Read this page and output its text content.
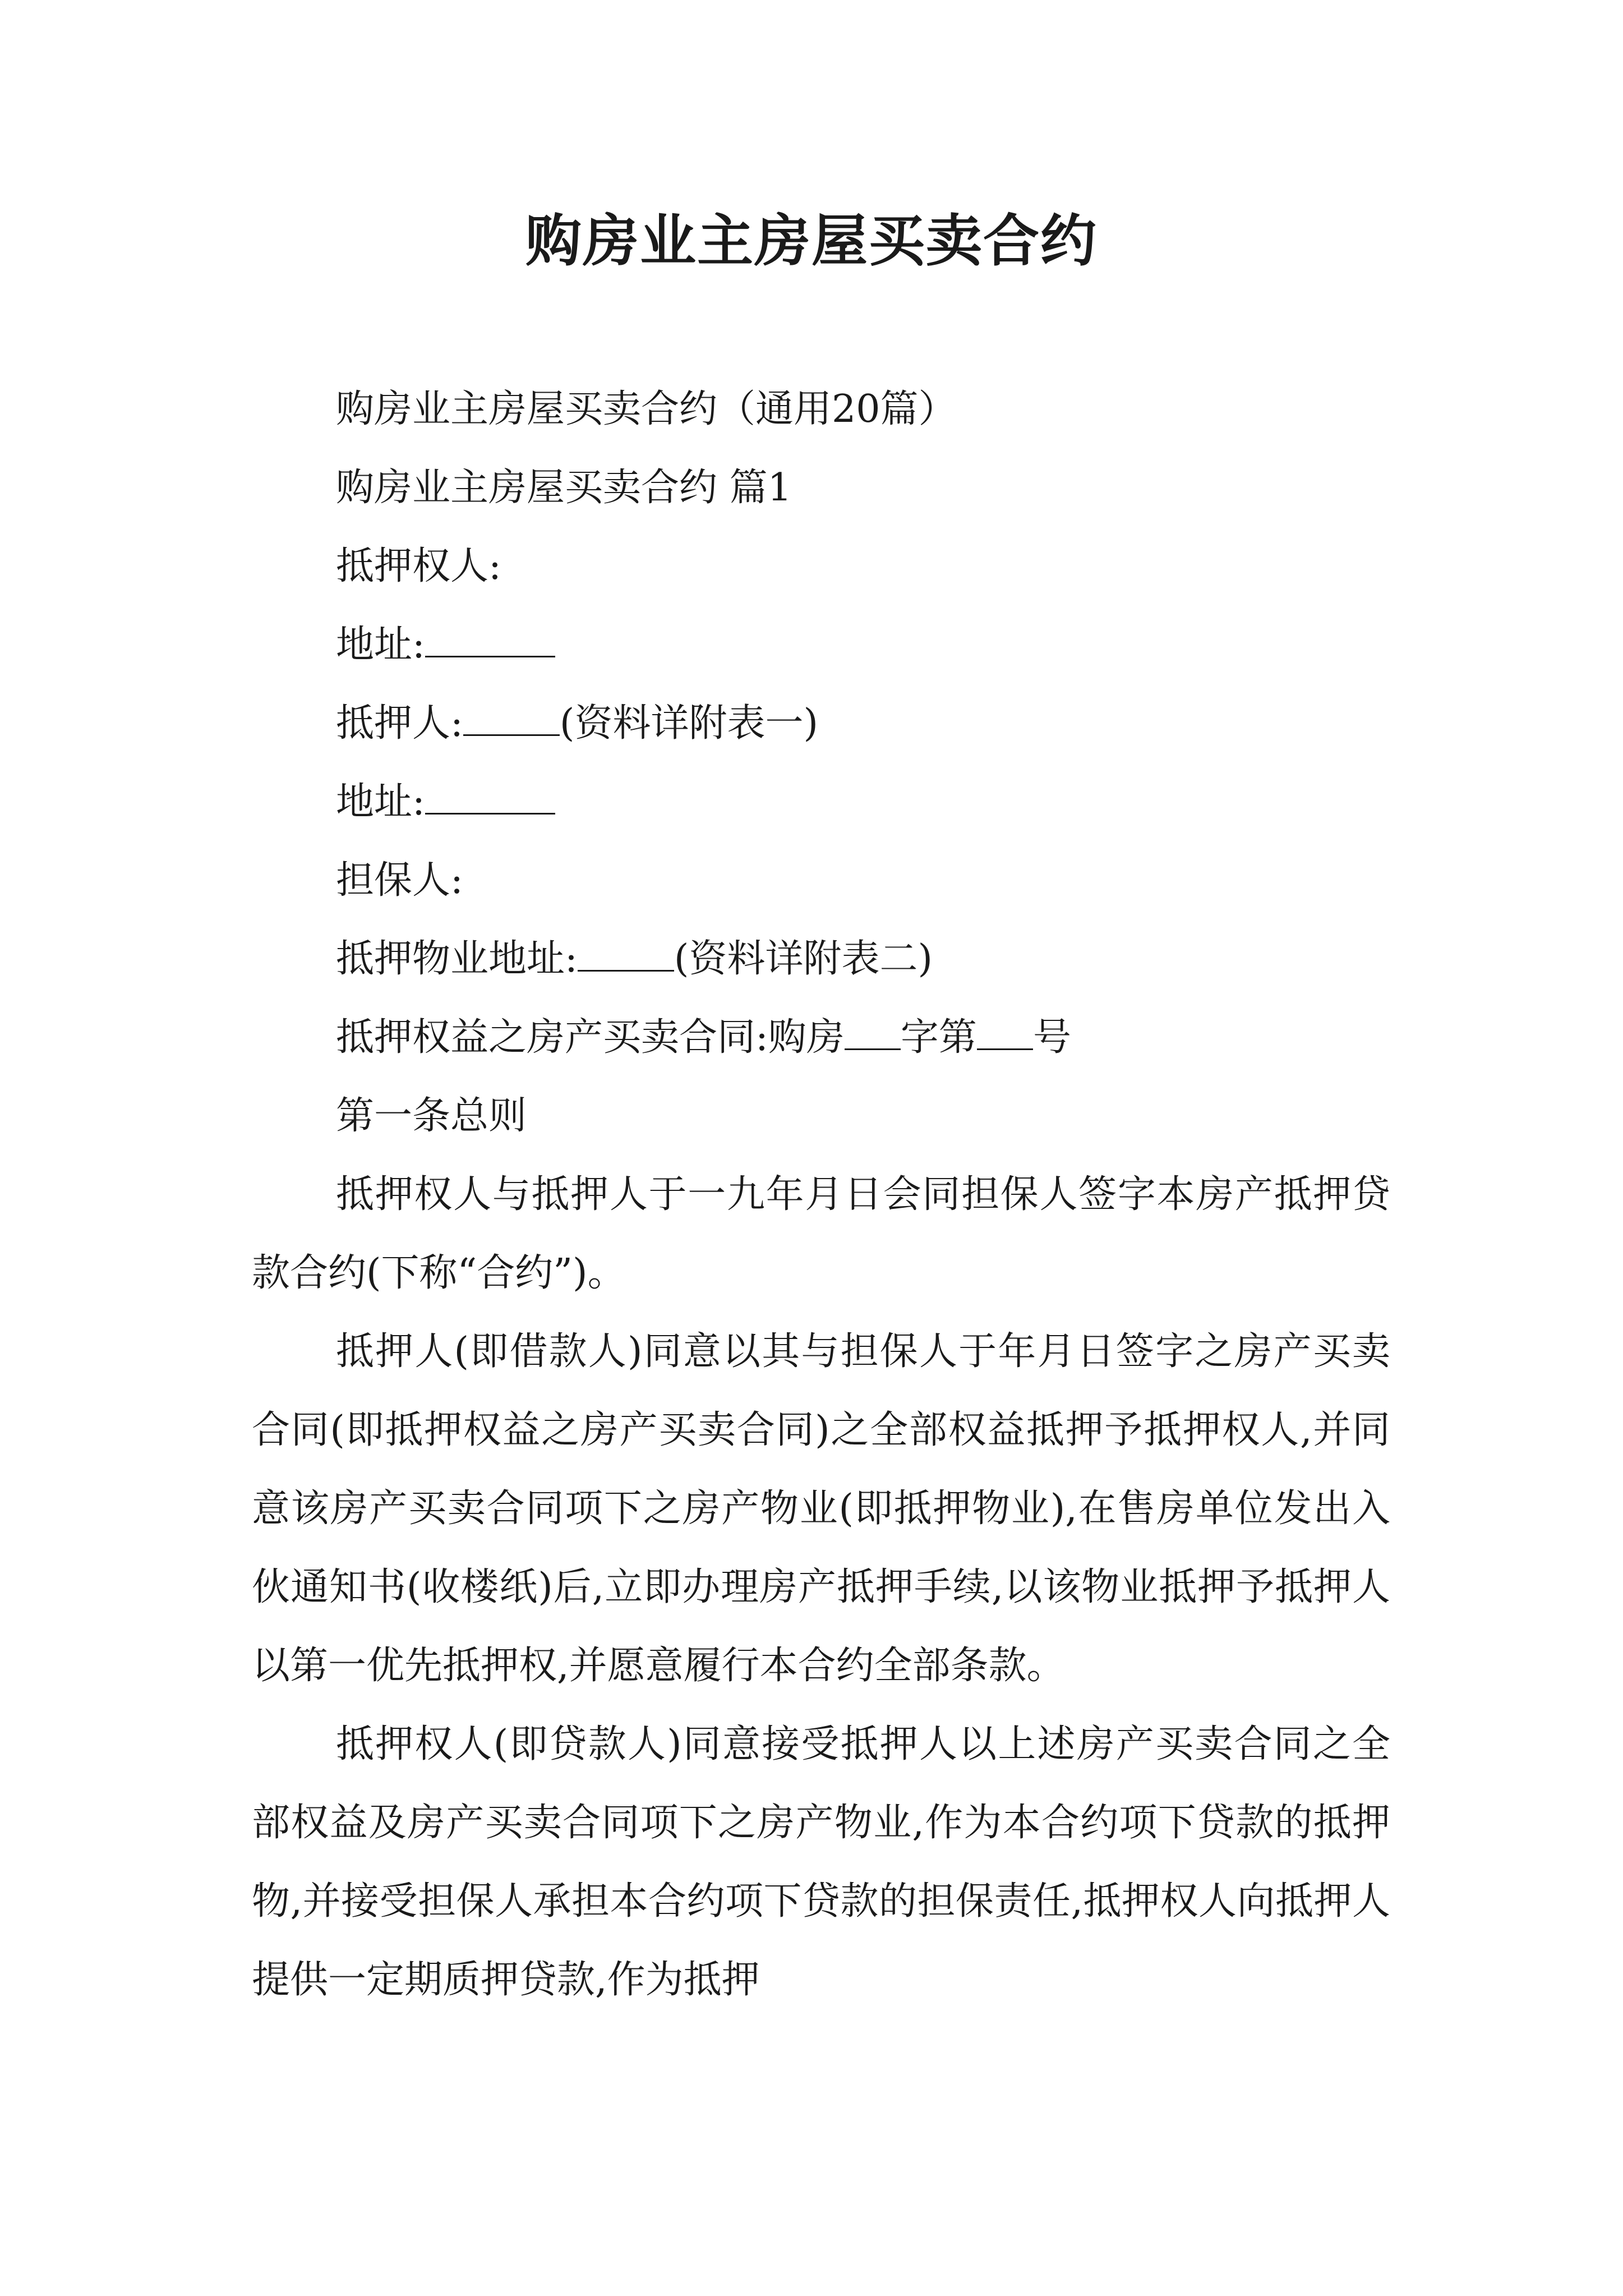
购房业主房屋买卖合约

购房业主房屋买卖合约（通用20篇）

购房业主房屋买卖合约 篇1

抵押权人:

地址:

抵押人:	(资料详附表一)

地址:

担保人:

抵押物业地址:	(资料详附表二)

抵押权益之房产买卖合同:购房 字第 号

第一条总则

抵押权人与抵押人于一九年月日会同担保人签字本房产抵押贷款合约(下称“合约”)。

抵押人(即借款人)同意以其与担保人于年月日签字之房产买卖合同(即抵押权益之房产买卖合同)之全部权益抵押予抵押权人,并同意该房产买卖合同项下之房产物业(即抵押物业),在售房单位发出入伙通知书(收楼纸)后,立即办理房产抵押手续,以该物业抵押予抵押人以第一优先抵押权,并愿意履行本合约全部条款。

抵押权人(即贷款人)同意接受抵押人以上述房产买卖合同之全部权益及房产买卖合同项下之房产物业,作为本合约项下贷款的抵押物,并接受担保人承担本合约项下贷款的担保责任,抵押权人向抵押人提供一定期质押贷款,作为抵押
